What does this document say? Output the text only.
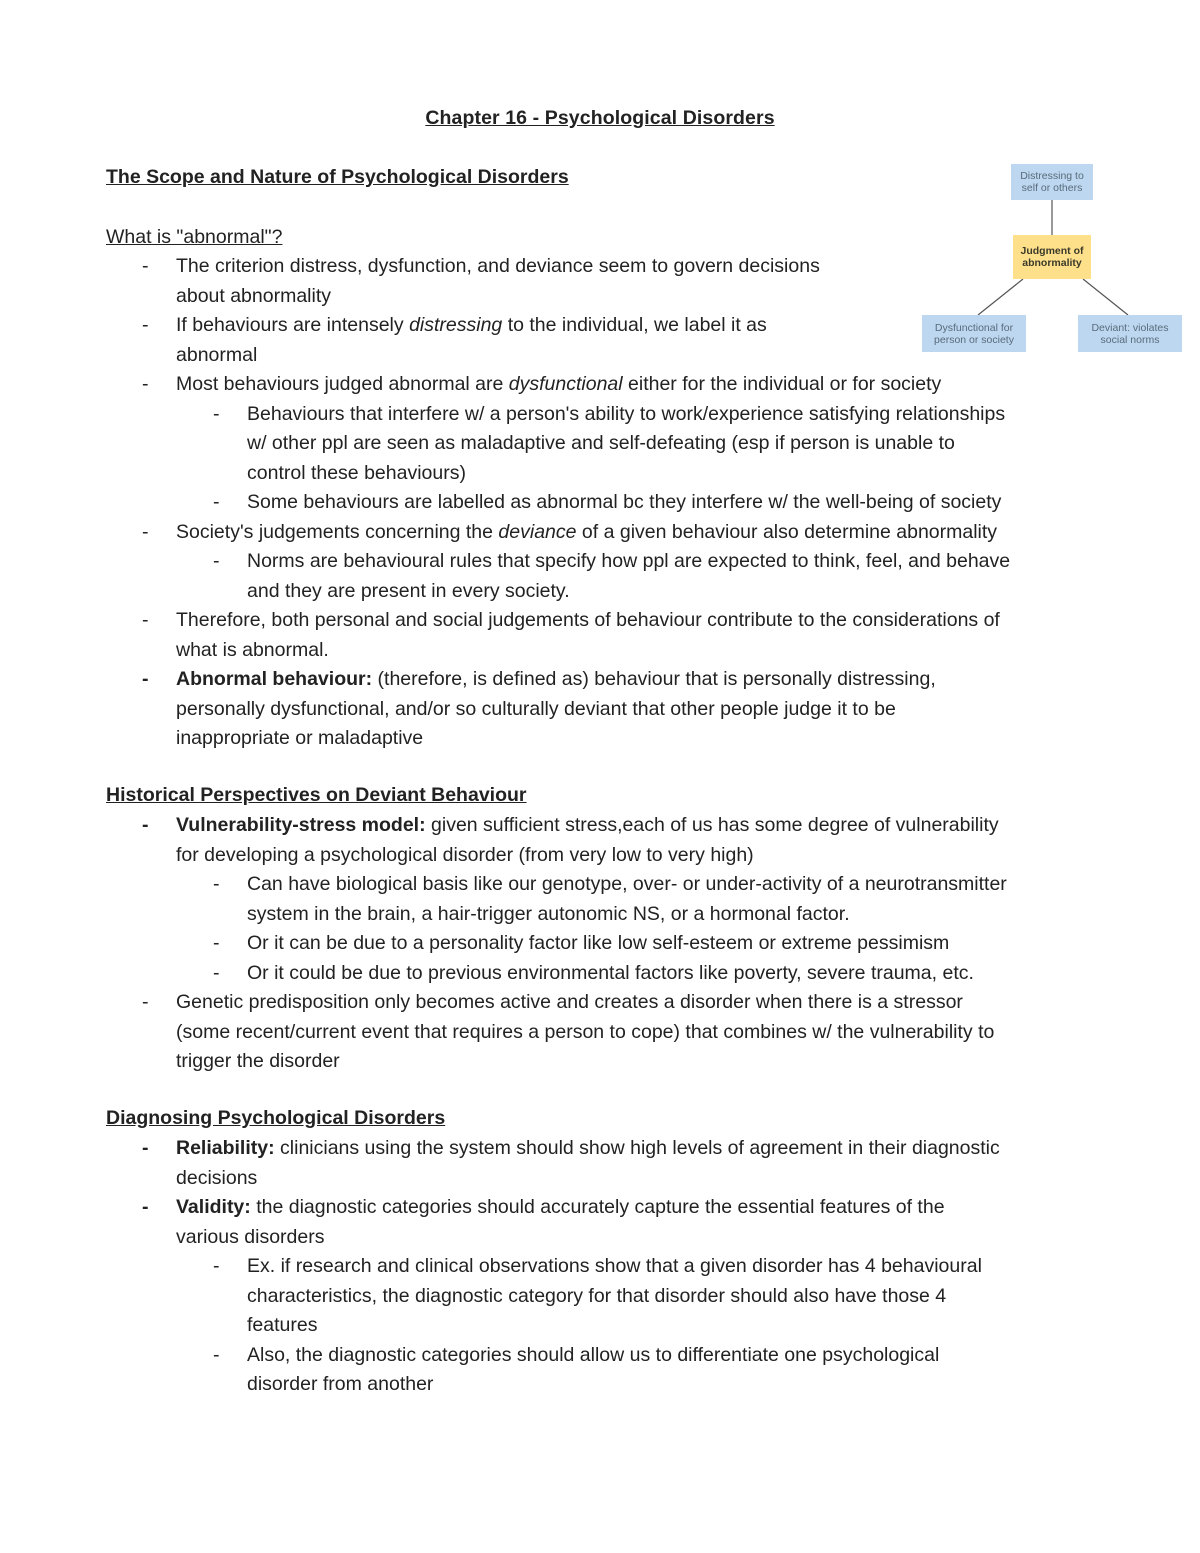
Chapter 16 - Psychological Disorders
The Scope and Nature of Psychological Disorders
What is "abnormal"?
-	The criterion distress, dysfunction, and deviance seem to govern decisions
about abnormality
-	If behaviours are intensely distressing to the individual, we label it as
abnormal
-	Most behaviours judged abnormal are dysfunctional either for the individual or for society
-	Behaviours that interfere w/ a person's ability to work/experience satisfying relationships
w/ other ppl are seen as maladaptive and self-defeating (esp if person is unable to
control these behaviours)
-	Some behaviours are labelled as abnormal bc they interfere w/ the well-being of society
-	Society's judgements concerning the deviance of a given behaviour also determine abnormality
-	Norms are behavioural rules that specify how ppl are expected to think, feel, and behave
and they are present in every society.
-	Therefore, both personal and social judgements of behaviour contribute to the considerations of
what is abnormal.
-	Abnormal behaviour: (therefore, is defined as) behaviour that is personally distressing,
personally dysfunctional, and/or so culturally deviant that other people judge it to be
inappropriate or maladaptive
Historical Perspectives on Deviant Behaviour
-	Vulnerability-stress model: given sufficient stress,each of us has some degree of vulnerability
for developing a psychological disorder (from very low to very high)
-	Can have biological basis like our genotype, over- or under-activity of a neurotransmitter
system in the brain, a hair-trigger autonomic NS, or a hormonal factor.
-	Or it can be due to a personality factor like low self-esteem or extreme pessimism
-	Or it could be due to previous environmental factors like poverty, severe trauma, etc.
-	Genetic predisposition only becomes active and creates a disorder when there is a stressor
(some recent/current event that requires a person to cope) that combines w/ the vulnerability to
trigger the disorder
Diagnosing Psychological Disorders
-	Reliability: clinicians using the system should show high levels of agreement in their diagnostic
decisions
-	Validity: the diagnostic categories should accurately capture the essential features of the
various disorders
-	Ex. if research and clinical observations show that a given disorder has 4 behavioural
characteristics, the diagnostic category for that disorder should also have those 4
features
-	Also, the diagnostic categories should allow us to differentiate one psychological
disorder from another
Distressing to self or others
Judgment of abnormality
Dysfunctional for person or society
Deviant: violates social norms
